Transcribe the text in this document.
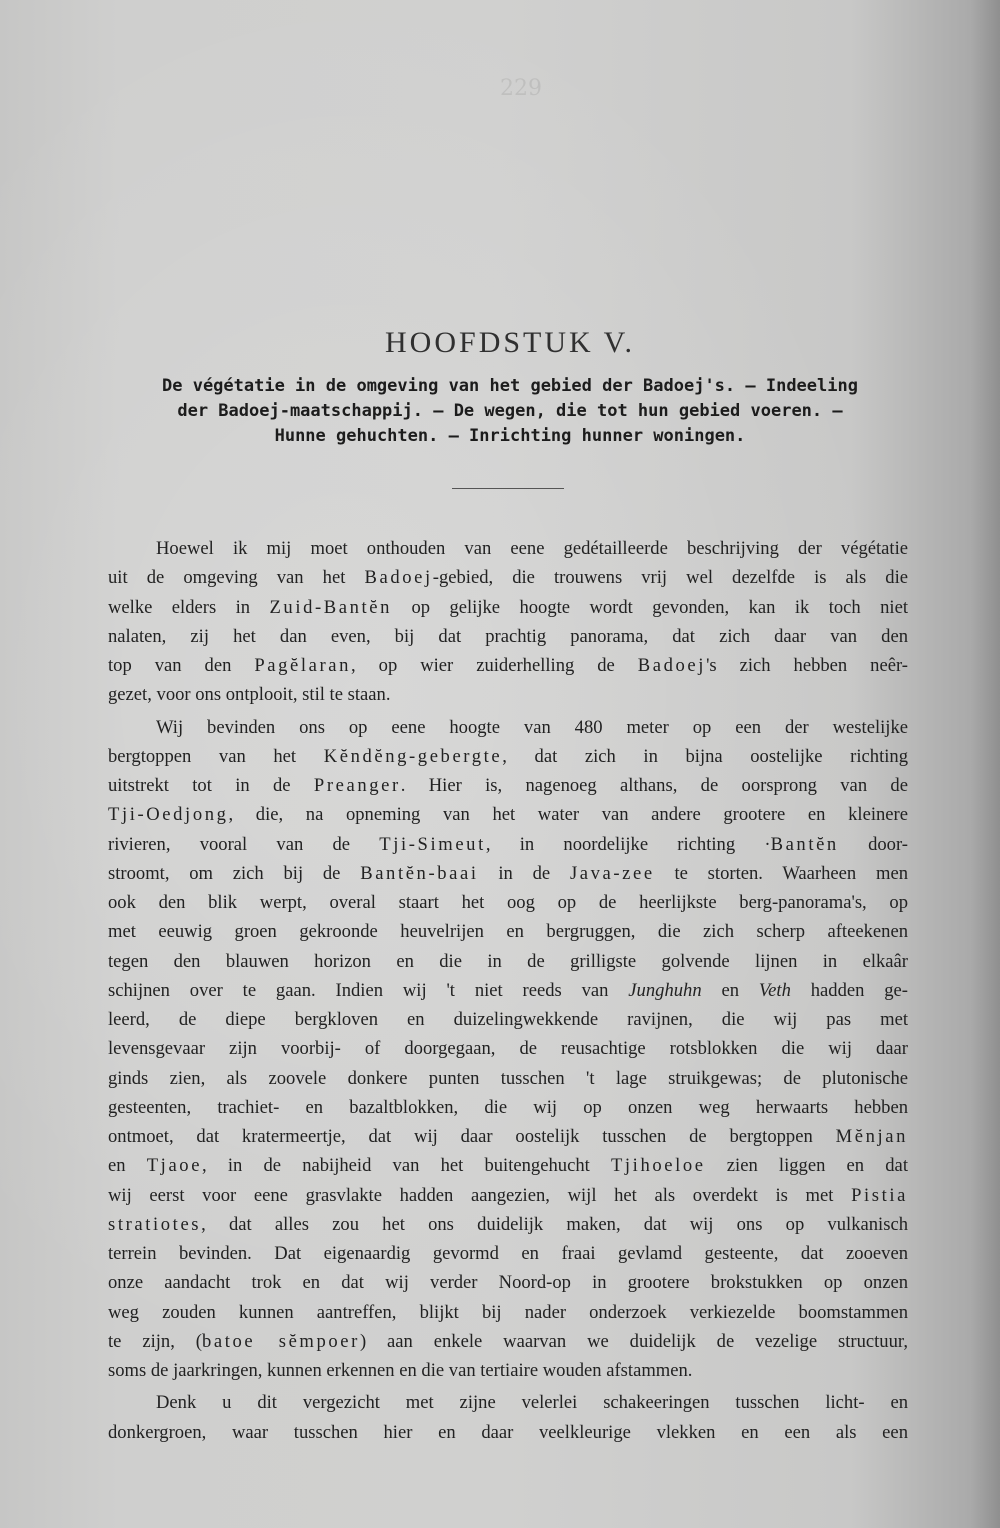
229
HOOFDSTUK V.
De végétatie in de omgeving van het gebied der Badoej's. — Indeeling
der Badoej-maatschappij. — De wegen, die tot hun gebied voeren. —
Hunne gehuchten. — Inrichting hunner woningen.
Hoewel ik mij moet onthouden van eene gedétailleerde beschrijving der végétatie
uit de omgeving van het Badoej-gebied, die trouwens vrij wel dezelfde is als die
welke elders in Zuid-Bantĕn op gelijke hoogte wordt gevonden, kan ik toch niet
nalaten, zij het dan even, bij dat prachtig panorama, dat zich daar van den
top van den Pagĕlaran, op wier zuiderhelling de Badoej's zich hebben neêr-
gezet, voor ons ontplooit, stil te staan.
Wij bevinden ons op eene hoogte van 480 meter op een der westelijke
bergtoppen van het Kĕndĕng-gebergte, dat zich in bijna oostelijke richting
uitstrekt tot in de Preanger. Hier is, nagenoeg althans, de oorsprong van de
Tji-Oedjong, die, na opneming van het water van andere grootere en kleinere
rivieren, vooral van de Tji-Simeut, in noordelijke richting ·Bantĕn door-
stroomt, om zich bij de Bantĕn-baai in de Java-zee te storten. Waarheen men
ook den blik werpt, overal staart het oog op de heerlijkste berg-panorama's, op
met eeuwig groen gekroonde heuvelrijen en bergruggen, die zich scherp afteekenen
tegen den blauwen horizon en die in de grilligste golvende lijnen in elkaâr
schijnen over te gaan. Indien wij 't niet reeds van Junghuhn en Veth hadden ge-
leerd, de diepe bergkloven en duizelingwekkende ravijnen, die wij pas met
levensgevaar zijn voorbij- of doorgegaan, de reusachtige rotsblokken die wij daar
ginds zien, als zoovele donkere punten tusschen 't lage struikgewas; de plutonische
gesteenten, trachiet- en bazaltblokken, die wij op onzen weg herwaarts hebben
ontmoet, dat kratermeertje, dat wij daar oostelijk tusschen de bergtoppen Mĕnjan
en Tjaoe, in de nabijheid van het buitengehucht Tjihoeloe zien liggen en dat
wij eerst voor eene grasvlakte hadden aangezien, wijl het als overdekt is met Pistia
stratiotes, dat alles zou het ons duidelijk maken, dat wij ons op vulkanisch
terrein bevinden. Dat eigenaardig gevormd en fraai gevlamd gesteente, dat zooeven
onze aandacht trok en dat wij verder Noord-op in grootere brokstukken op onzen
weg zouden kunnen aantreffen, blijkt bij nader onderzoek verkiezelde boomstammen
te zijn, (batoe sĕmpoer) aan enkele waarvan we duidelijk de vezelige structuur,
soms de jaarkringen, kunnen erkennen en die van tertiaire wouden afstammen.
Denk u dit vergezicht met zijne velerlei schakeeringen tusschen licht- en
donkergroen, waar tusschen hier en daar veelkleurige vlekken en een als een
